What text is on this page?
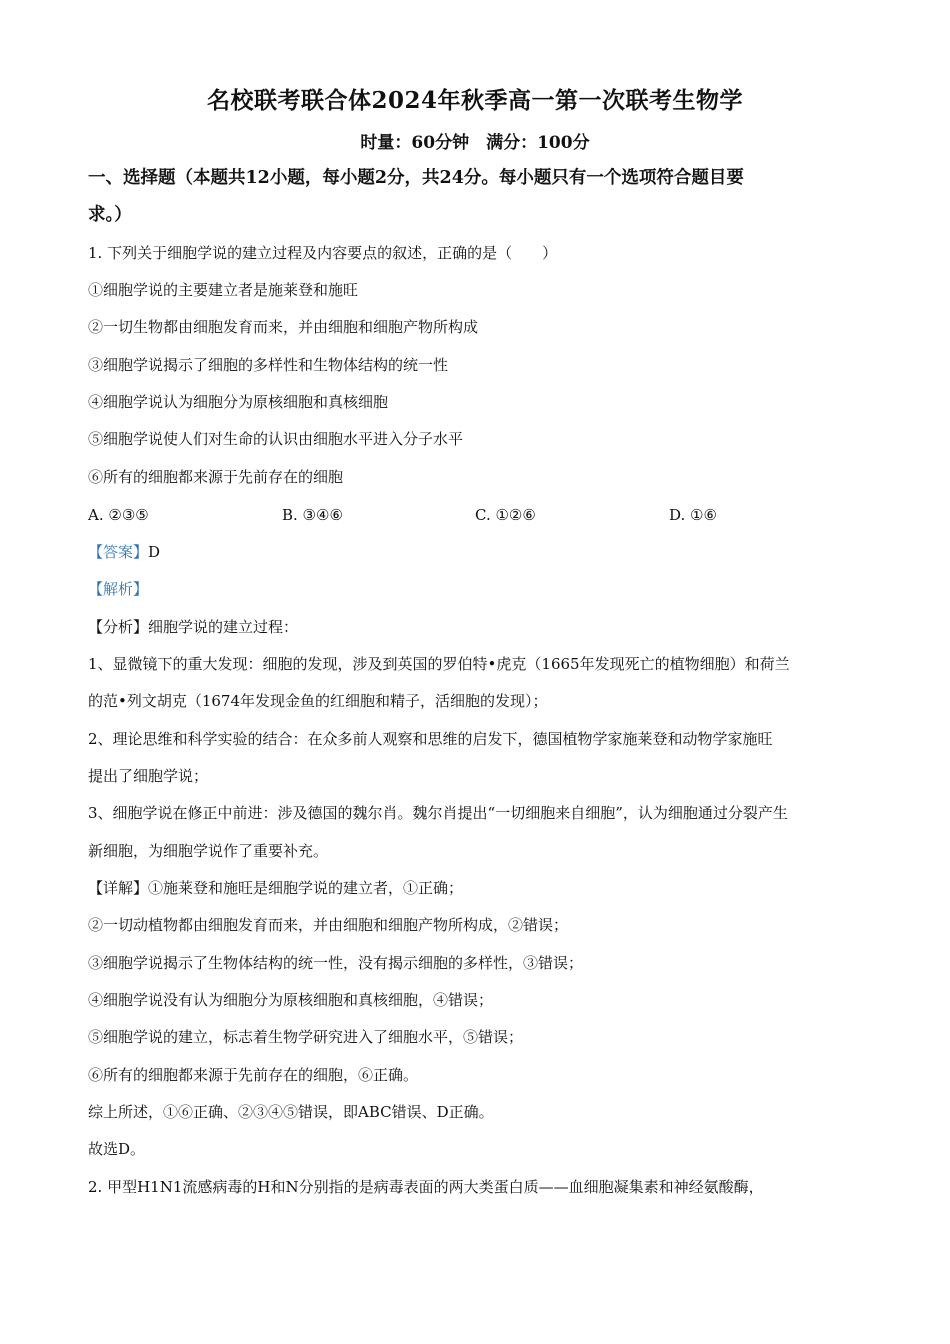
名校联考联合体2024年秋季高一第一次联考生物学
时量：60分钟　满分：100分
一、选择题（本题共12小题，每小题2分，共24分。每小题只有一个选项符合题目要
求。）
1. 下列关于细胞学说的建立过程及内容要点的叙述，正确的是（　　）
①细胞学说的主要建立者是施莱登和施旺
②一切生物都由细胞发育而来，并由细胞和细胞产物所构成
③细胞学说揭示了细胞的多样性和生物体结构的统一性
④细胞学说认为细胞分为原核细胞和真核细胞
⑤细胞学说使人们对生命的认识由细胞水平进入分子水平
⑥所有的细胞都来源于先前存在的细胞
A. ②③⑤	B. ③④⑥	C. ①②⑥	D. ①⑥
【答案】D
【解析】
【分析】细胞学说的建立过程：
1、显微镜下的重大发现：细胞的发现，涉及到英国的罗伯特•虎克（1665年发现死亡的植物细胞）和荷兰
的范•列文胡克（1674年发现金鱼的红细胞和精子，活细胞的发现）；
2、理论思维和科学实验的结合：在众多前人观察和思维的启发下，德国植物学家施莱登和动物学家施旺
提出了细胞学说；
3、细胞学说在修正中前进：涉及德国的魏尔肖。魏尔肖提出“一切细胞来自细胞”，认为细胞通过分裂产生
新细胞，为细胞学说作了重要补充。
【详解】①施莱登和施旺是细胞学说的建立者，①正确；
②一切动植物都由细胞发育而来，并由细胞和细胞产物所构成，②错误；
③细胞学说揭示了生物体结构的统一性，没有揭示细胞的多样性，③错误；
④细胞学说没有认为细胞分为原核细胞和真核细胞，④错误；
⑤细胞学说的建立，标志着生物学研究进入了细胞水平，⑤错误；
⑥所有的细胞都来源于先前存在的细胞，⑥正确。
综上所述，①⑥正确、②③④⑤错误，即ABC错误、D正确。
故选D。
2. 甲型H1N1流感病毒的H和N分别指的是病毒表面的两大类蛋白质——血细胞凝集素和神经氨酸酶，
